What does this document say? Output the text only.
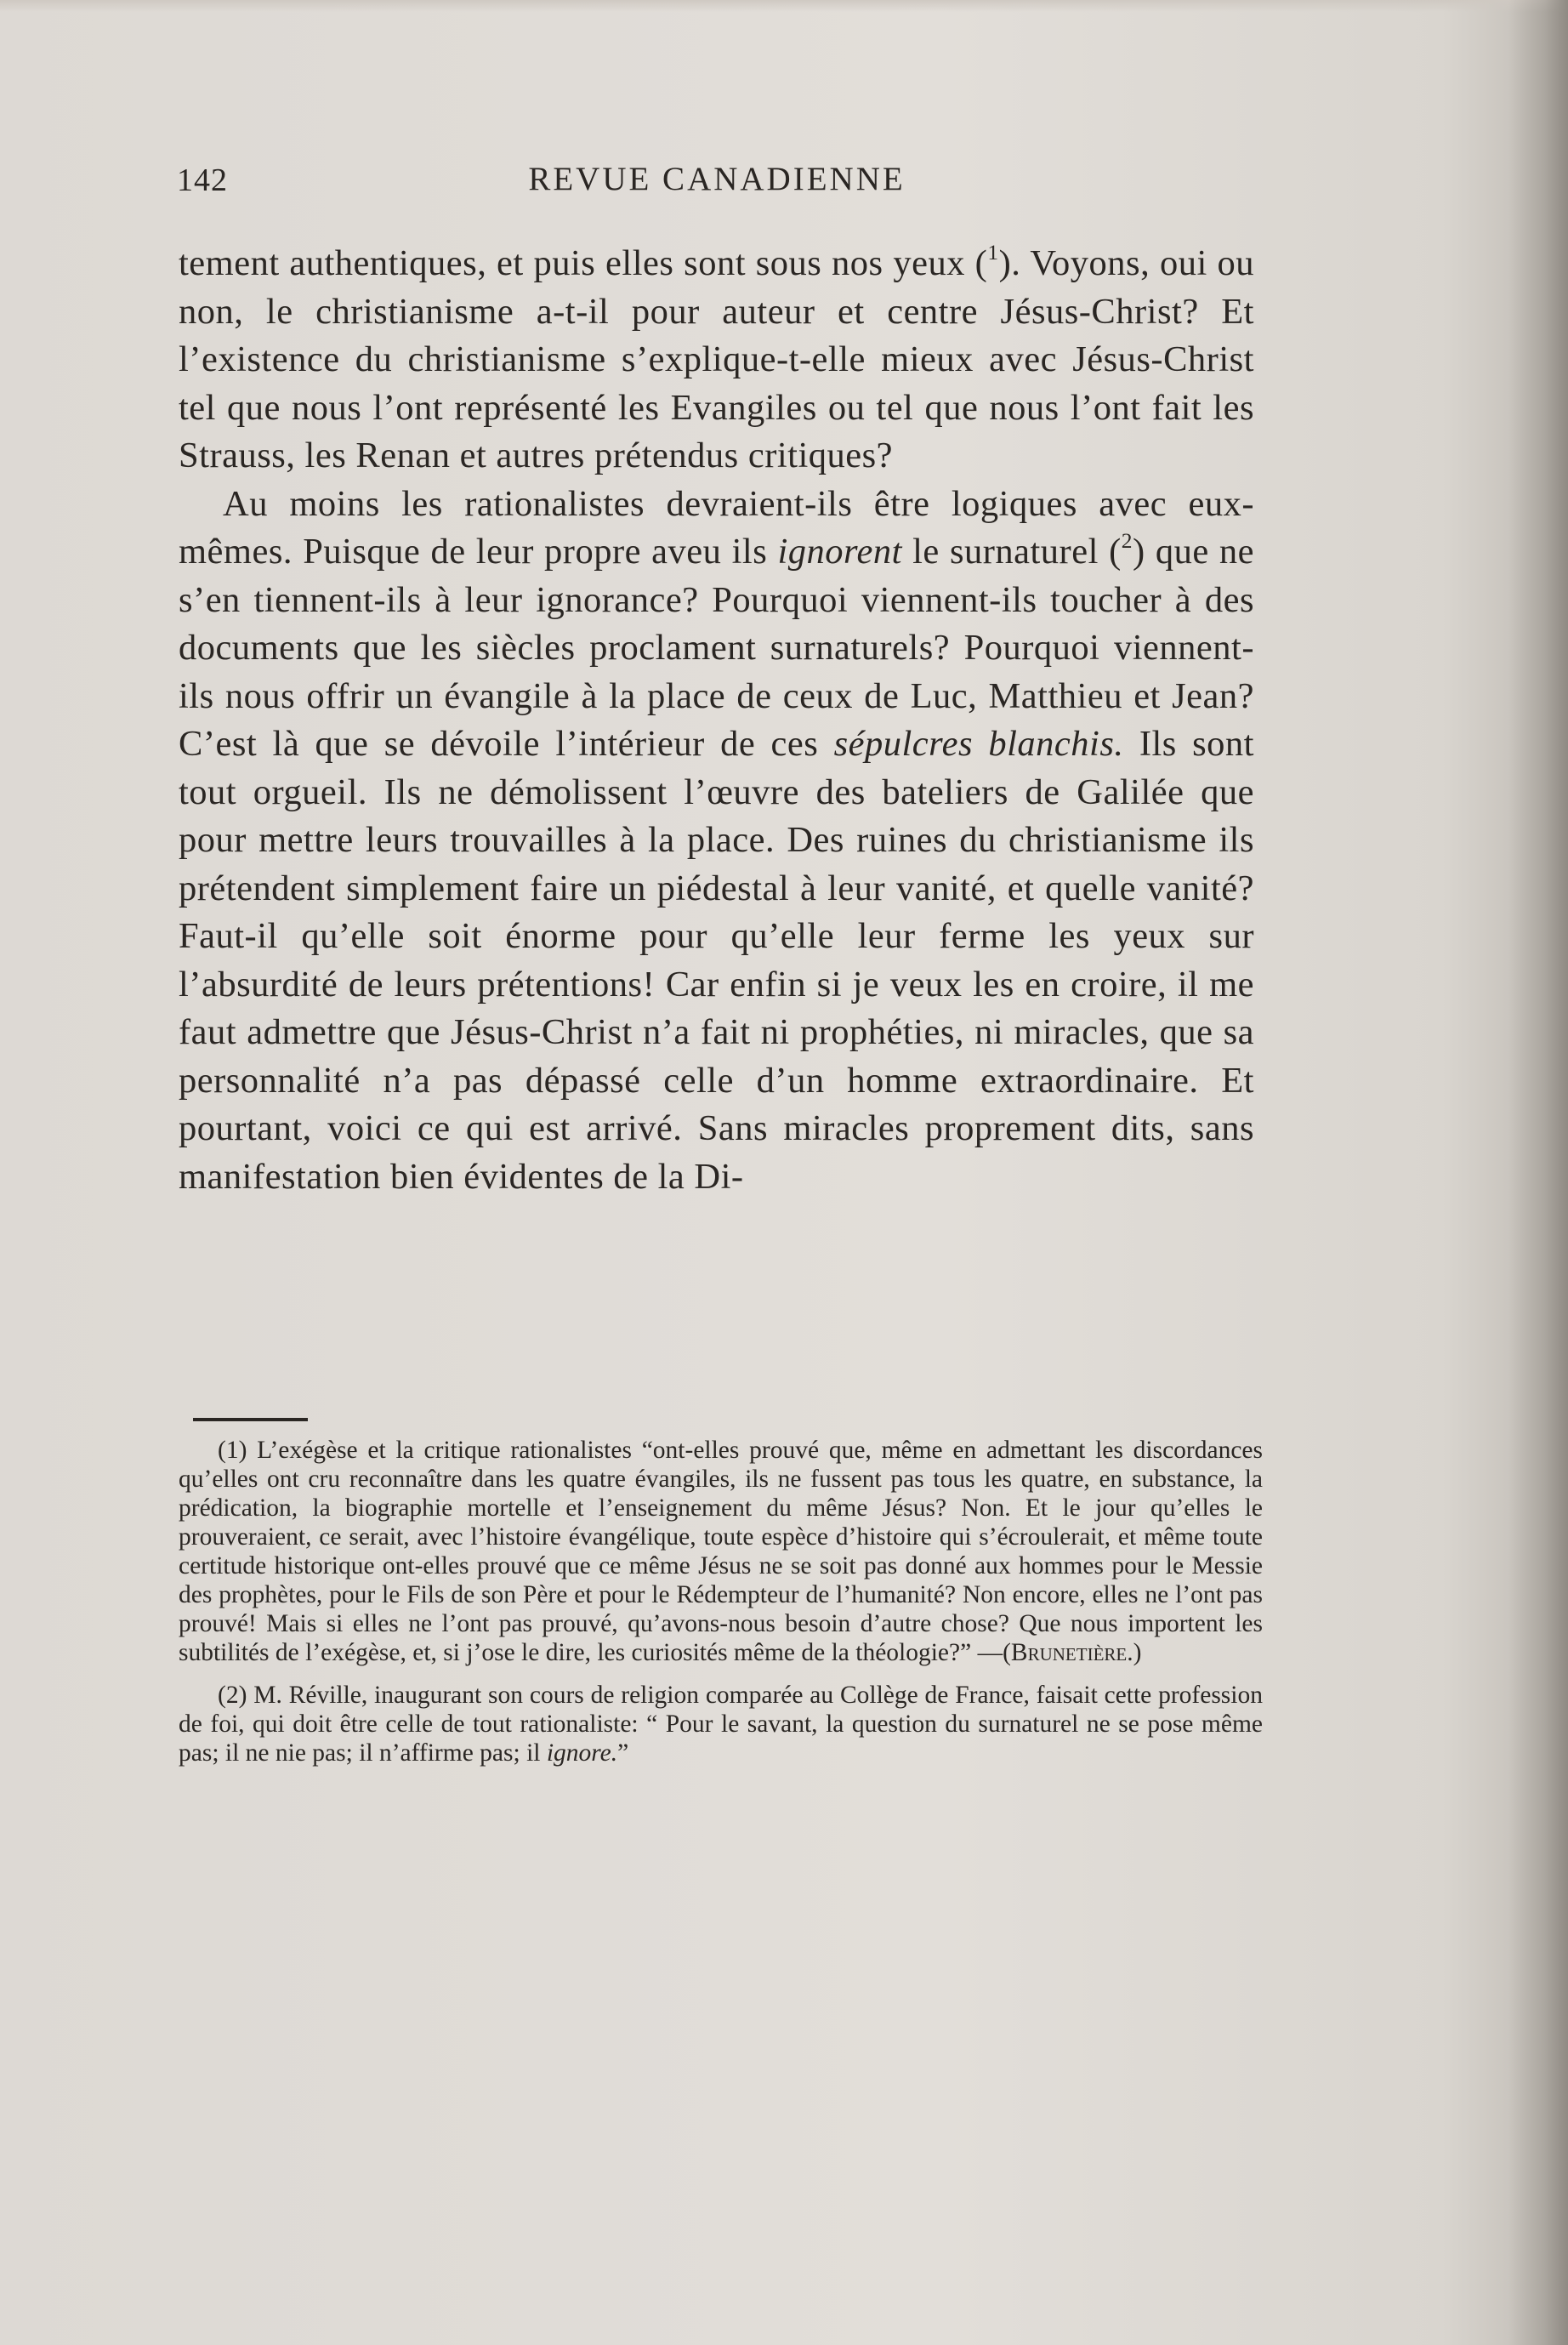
142	REVUE CANADIENNE

tement authentiques, et puis elles sont sous nos yeux ($^1$). Voyons, oui ou non, le christianisme a-t-il pour auteur et centre Jésus-Christ? Et l’existence du christianisme s’explique-t-elle mieux avec Jésus-Christ tel que nous l’ont représenté les Evangiles ou tel que nous l’ont fait les Strauss, les Renan et autres prétendus critiques?

Au moins les rationalistes devraient-ils être logiques avec eux-mêmes. Puisque de leur propre aveu ils ignorent le surnaturel ($^2$) que ne s’en tiennent-ils à leur ignorance? Pourquoi viennent-ils toucher à des documents que les siècles proclament surnaturels? Pourquoi viennent-ils nous offrir un évangile à la place de ceux de Luc, Matthieu et Jean? C’est là que se dévoile l’intérieur de ces sépulcres blanchis. Ils sont tout orgueil. Ils ne démolissent l’œuvre des bateliers de Galilée que pour mettre leurs trouvailles à la place. Des ruines du christianisme ils prétendent simplement faire un piédestal à leur vanité, et quelle vanité? Faut-il qu’elle soit énorme pour qu’elle leur ferme les yeux sur l’absurdité de leurs prétentions! Car enfin si je veux les en croire, il me faut admettre que Jésus-Christ n’a fait ni prophéties, ni miracles, que sa personnalité n’a pas dépassé celle d’un homme extraordinaire. Et pourtant, voici ce qui est arrivé. Sans miracles proprement dits, sans manifestation bien évidentes de la Di-

(1) L’exégèse et la critique rationalistes “ont-elles prouvé que, même en admettant les discordances qu’elles ont cru reconnaître dans les quatre évangiles, ils ne fussent pas tous les quatre, en substance, la prédication, la biographie mortelle et l’enseignement du même Jésus? Non. Et le jour qu’elles le prouveraient, ce serait, avec l’histoire évangélique, toute espèce d’histoire qui s’écroulerait, et même toute certitude historique ont-elles prouvé que ce même Jésus ne se soit pas donné aux hommes pour le Messie des prophètes, pour le Fils de son Père et pour le Rédempteur de l’humanité? Non encore, elles ne l’ont pas prouvé! Mais si elles ne l’ont pas prouvé, qu’avons-nous besoin d’autre chose? Que nous importent les subtilités de l’exégèse, et, si j’ose le dire, les curiosités même de la théologie?” —(Brunetière.)

(2) M. Réville, inaugurant son cours de religion comparée au Collège de France, faisait cette profession de foi, qui doit être celle de tout rationaliste: “ Pour le savant, la question du surnaturel ne se pose même pas; il ne nie pas; il n’affirme pas; il ignore.”
